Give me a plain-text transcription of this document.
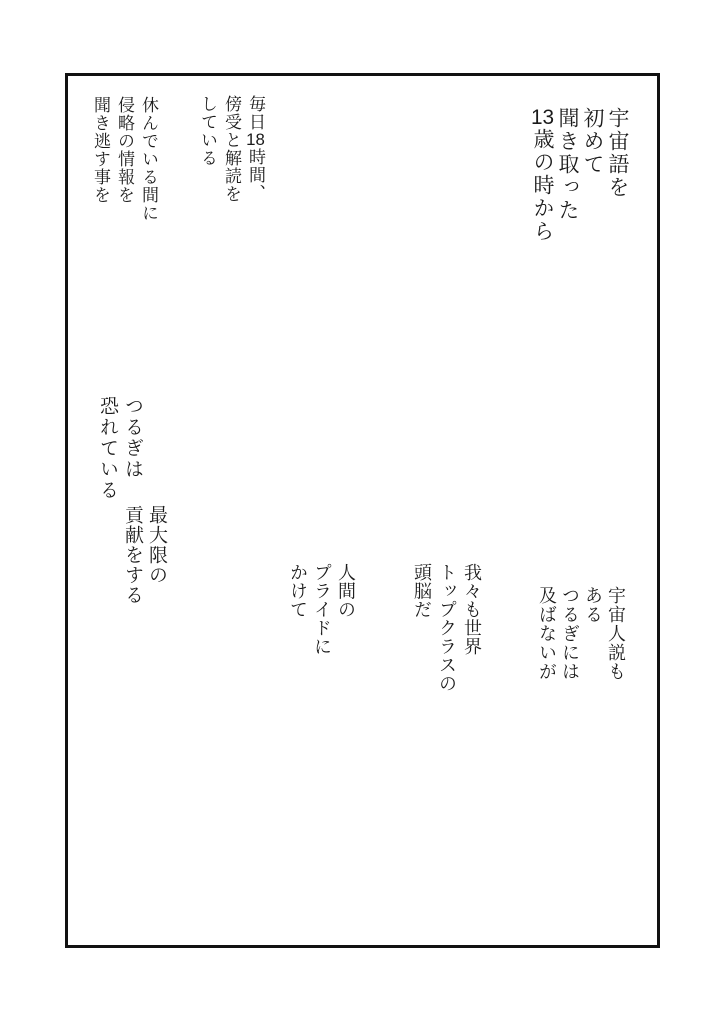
宇宙語を
初めて
聞き取った
13歳の時から
毎日18時間、
傍受と解読を
している
休んでいる間に
侵略の情報を
聞き逃す事を
つるぎは
恐れている
最大限の
貢献をする
宇宙人説も
ある
つるぎには
及ばないが
我々も世界
トップクラスの
頭脳だ
人間の
プライドに
かけて
